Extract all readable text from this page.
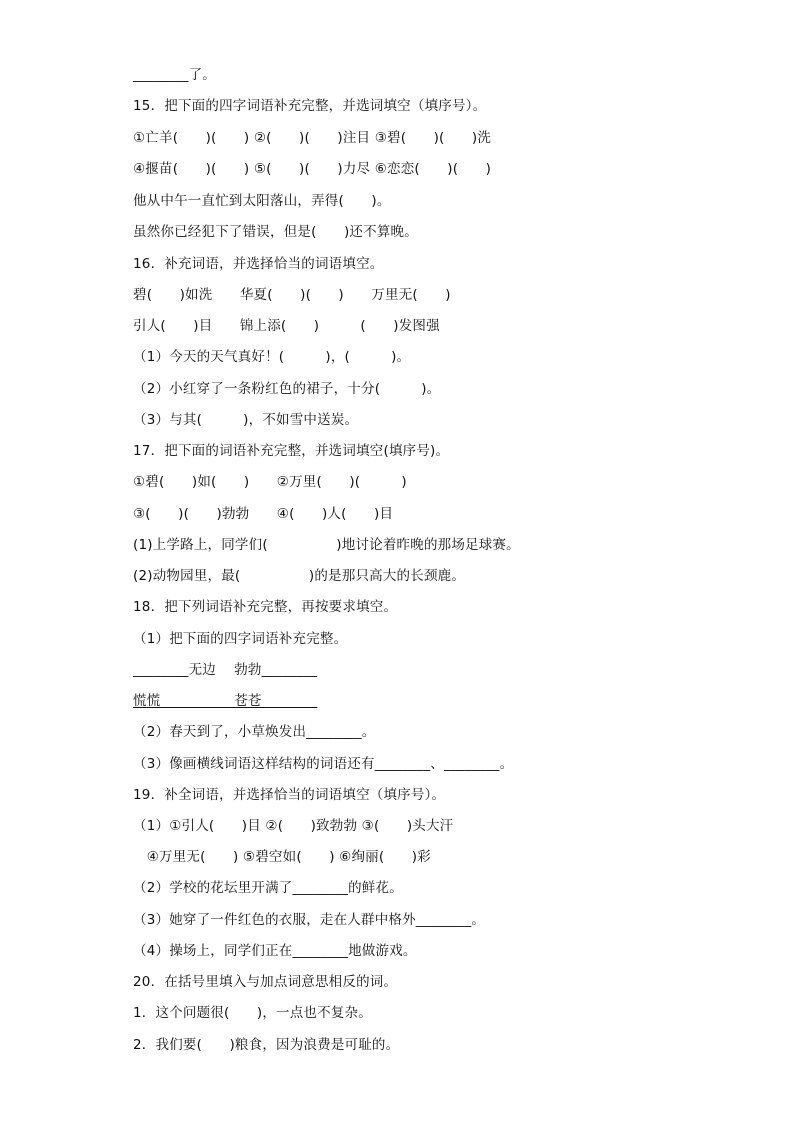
________了。
15．把下面的四字词语补充完整，并选词填空（填序号）。
①亡羊(　　)(　　) ②(　　)(　　)注目 ③碧(　　)(　　)洗
④揠苗(　　)(　　) ⑤(　　)(　　)力尽 ⑥恋恋(　　)(　　)
他从中午一直忙到太阳落山，弄得(　　)。
虽然你已经犯下了错误，但是(　　)还不算晚。
16．补充词语，并选择恰当的词语填空。
碧(　　)如洗　　华夏(　　)(　　)　　万里无(　　)
引人(　　)目　　锦上添(　　)　　　(　　)发图强
（1）今天的天气真好！(　　　)，(　　　)。
（2）小红穿了一条粉红色的裙子，十分(　　　)。
（3）与其(　　　)，不如雪中送炭。
17．把下面的词语补充完整，并选词填空(填序号)。
①碧(　　)如(　　)　　②万里(　　)(　　　)
③(　　)(　　)勃勃　　④(　　)人(　　)目
(1)上学路上，同学们(　　　　　)地讨论着昨晚的那场足球赛。
(2)动物园里，最(　　　　　)的是那只高大的长颈鹿。
18．把下列词语补充完整，再按要求填空。
（1）把下面的四字词语补充完整。
________无边　 勃勃________
慌慌________　 苍苍________
（2）春天到了，小草焕发出________。
（3）像画横线词语这样结构的词语还有________、________。
19．补全词语，并选择恰当的词语填空（填序号）。
（1）①引人(　　)目 ②(　　)致勃勃 ③(　　)头大汗
　④万里无(　　) ⑤碧空如(　　) ⑥绚丽(　　)彩
（2）学校的花坛里开满了________的鲜花。
（3）她穿了一件红色的衣服，走在人群中格外________。
（4）操场上，同学们正在________地做游戏。
20．在括号里填入与加点词意思相反的词。
1．这个问题很(　　)，一点也不复杂。
2．我们要(　　)粮食，因为浪费是可耻的。
